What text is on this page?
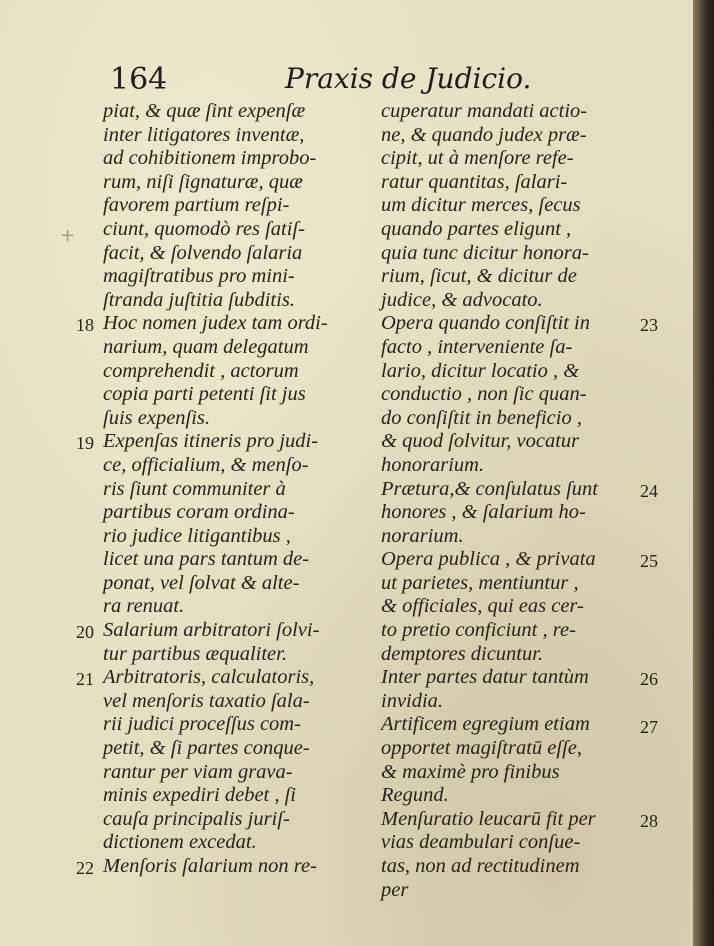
164	Praxis de Judicio.
piat, & quæ ſint expenſæ
inter litigatores inventæ,
ad cohibitionem improbo-
rum, niſi ſignaturæ, quæ
favorem partium reſpi-
ciunt, quomodò res ſatiſ-
facit, & ſolvendo ſalaria
magiſtratibus pro mini-
ſtranda juſtitia ſubditis.
Hoc nomen judex tam ordi-
narium, quam delegatum
comprehendit , actorum
copia parti petenti ſit jus
ſuis expenſis.
Expenſas itineris pro judi-
ce, officialium, & menſo-
ris ſiunt communiter à
partibus coram ordina-
rio judice litigantibus ,
licet una pars tantum de-
ponat, vel ſolvat & alte-
ra renuat.
Salarium arbitratori ſolvi-
tur partibus æqualiter.
Arbitratoris, calculatoris,
vel menſoris taxatio ſala-
rii judici proceſſus com-
petit, & ſi partes conque-
rantur per viam grava-
minis expediri debet , ſi
cauſa principalis juriſ-
dictionem excedat.
Menſoris ſalarium non re-
cuperatur mandati actio-
ne, & quando judex præ-
cipit, ut à menſore refe-
ratur quantitas, ſalari-
um dicitur merces, ſecus
quando partes eligunt ,
quia tunc dicitur honora-
rium, ſicut, & dicitur de
judice, & advocato.
Opera quando conſiſtit in
facto , interveniente ſa-
lario, dicitur locatio , &
conductio , non ſic quan-
do conſiſtit in beneficio ,
& quod ſolvitur, vocatur
honorarium.
Prætura,& conſulatus ſunt
honores , & ſalarium ho-
norarium.
Opera publica , & privata
ut parietes, mentiuntur ,
& officiales, qui eas cer-
to pretio conficiunt , re-
demptores dicuntur.
Inter partes datur tantùm
invidia.
Artificem egregium etiam
opportet magiſtratū eſſe,
& maximè pro finibus
Regund.
Menſuratio leucarū fit per
vias deambulari conſue-
tas, non ad rectitudinem
per
18
19
20
21
22
23
24
25
26
27
28
+
